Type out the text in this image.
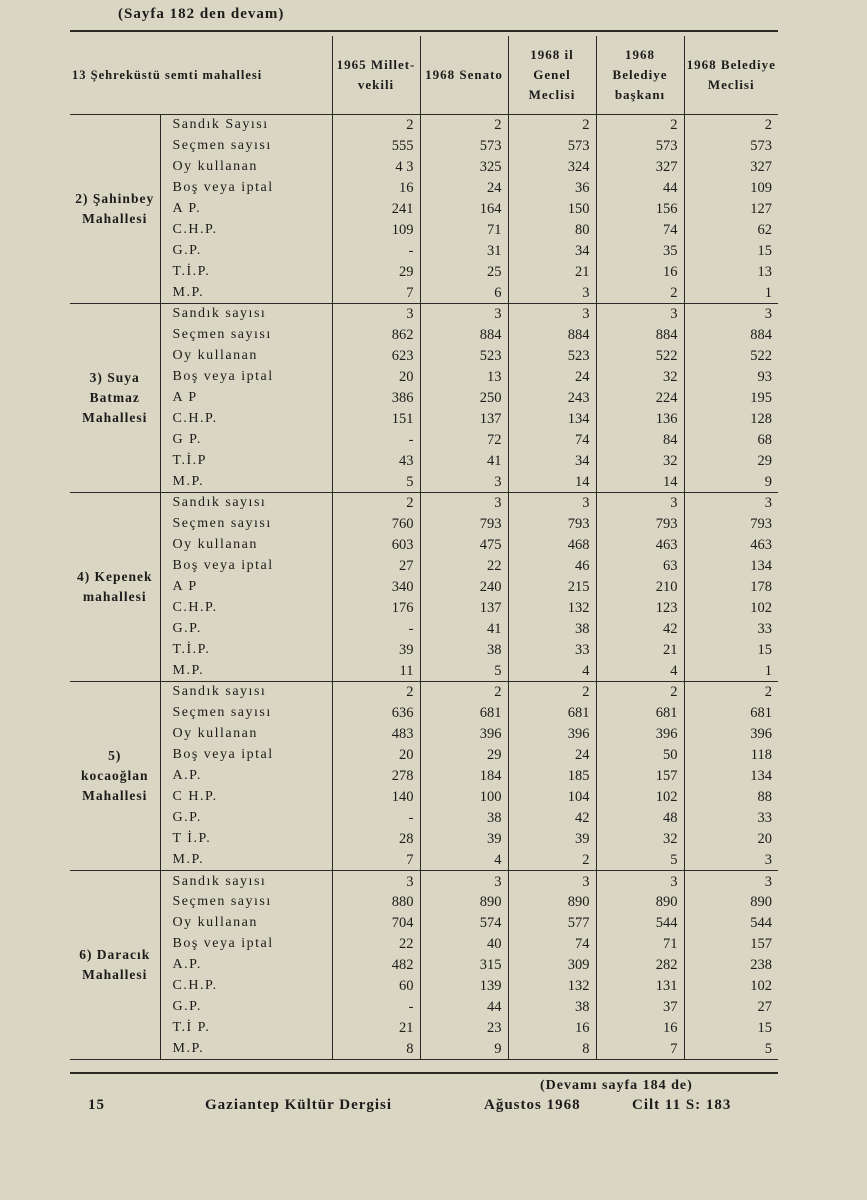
(Sayfa 182 den devam)
13 Şehreküstü semti mahallesi		1965 Millet-vekili	1968 Senato	1968 il Genel Meclisi	1968 Belediye başkanı	1968 Belediye Meclisi
2) Şahinbey Mahallesi	Sandık Sayısı	2	2	2	2	2
	Seçmen sayısı	555	573	573	573	573
	Oy kullanan	4 3	325	324	327	327
	Boş veya iptal	16	24	36	44	109
	A P.	241	164	150	156	127
	C.H.P.	109	71	80	74	62
	G.P.	-	31	34	35	15
	T.İ.P.	29	25	21	16	13
	M.P.	7	6	3	2	1
3) Suya Batmaz Mahallesi	Sandık sayısı	3	3	3	3	3
	Seçmen sayısı	862	884	884	884	884
	Oy kullanan	623	523	523	522	522
	Boş veya iptal	20	13	24	32	93
	A P	386	250	243	224	195
	C.H.P.	151	137	134	136	128
	G P.	-	72	74	84	68
	T.İ.P	43	41	34	32	29
	M.P.	5	3	14	14	9
4) Kepenek mahallesi	Sandık sayısı	2	3	3	3	3
	Seçmen sayısı	760	793	793	793	793
	Oy kullanan	603	475	468	463	463
	Boş veya iptal	27	22	46	63	134
	A P	340	240	215	210	178
	C.H.P.	176	137	132	123	102
	G.P.	-	41	38	42	33
	T.İ.P.	39	38	33	21	15
	M.P.	11	5	4	4	1
5) kocaoğlan Mahallesi	Sandık sayısı	2	2	2	2	2
	Seçmen sayısı	636	681	681	681	681
	Oy kullanan	483	396	396	396	396
	Boş veya iptal	20	29	24	50	118
	A.P.	278	184	185	157	134
	C H.P.	140	100	104	102	88
	G.P.	-	38	42	48	33
	T İ.P.	28	39	39	32	20
	M.P.	7	4	2	5	3
6) Daracık Mahallesi	Sandık sayısı	3	3	3	3	3
	Seçmen sayısı	880	890	890	890	890
	Oy kullanan	704	574	577	544	544
	Boş veya iptal	22	40	74	71	157
	A.P.	482	315	309	282	238
	C.H.P.	60	139	132	131	102
	G.P.	-	44	38	37	27
	T.İ P.	21	23	16	16	15
	M.P.	8	9	8	7	5
(Devamı sayfa 184 de)
15	Gaziantep Kültür Dergisi	Ağustos 1968	Cilt 11 S: 183
